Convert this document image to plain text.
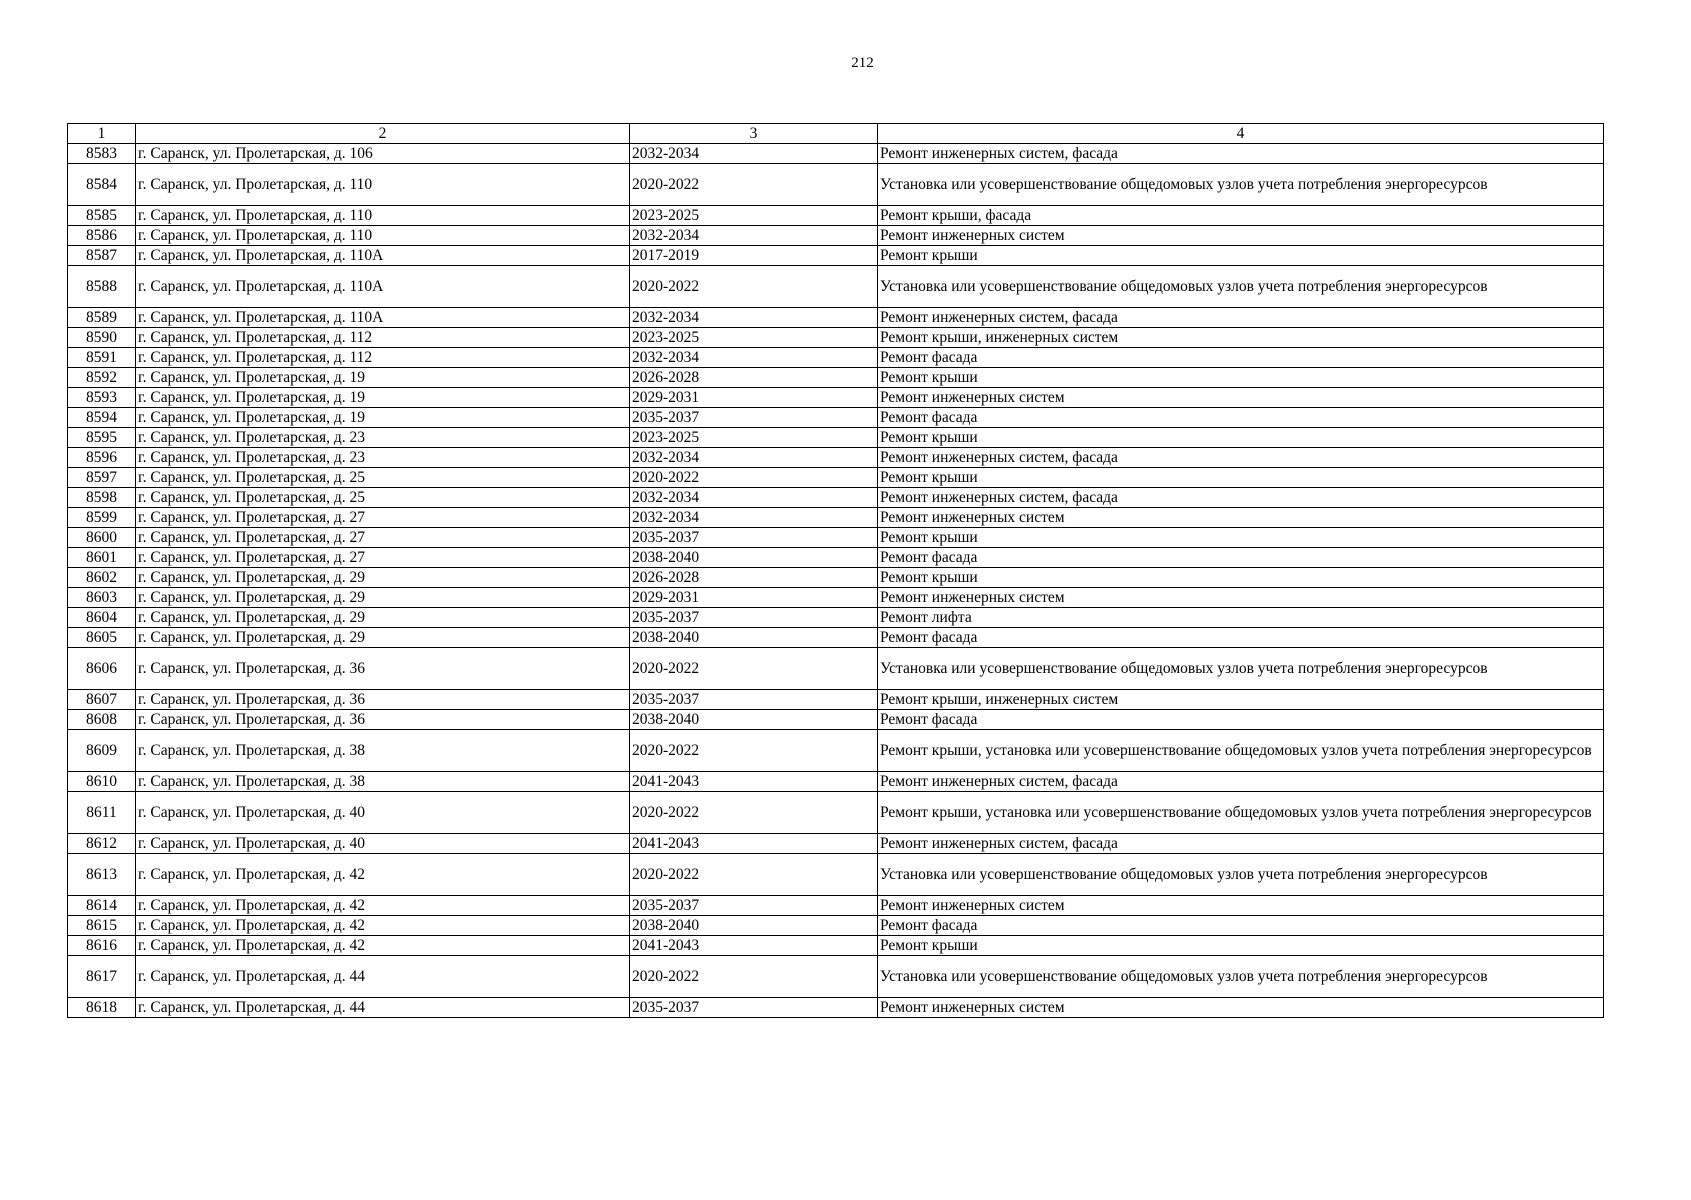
212
1	2	3	4
8583	г. Саранск, ул. Пролетарская, д. 106	2032-2034	Ремонт инженерных систем, фасада
8584	г. Саранск, ул. Пролетарская, д. 110	2020-2022	Установка или усовершенствование общедомовых узлов учета потребления энергоресурсов
8585	г. Саранск, ул. Пролетарская, д. 110	2023-2025	Ремонт крыши, фасада
8586	г. Саранск, ул. Пролетарская, д. 110	2032-2034	Ремонт инженерных систем
8587	г. Саранск, ул. Пролетарская, д. 110А	2017-2019	Ремонт крыши
8588	г. Саранск, ул. Пролетарская, д. 110А	2020-2022	Установка или усовершенствование общедомовых узлов учета потребления энергоресурсов
8589	г. Саранск, ул. Пролетарская, д. 110А	2032-2034	Ремонт инженерных систем, фасада
8590	г. Саранск, ул. Пролетарская, д. 112	2023-2025	Ремонт крыши, инженерных систем
8591	г. Саранск, ул. Пролетарская, д. 112	2032-2034	Ремонт фасада
8592	г. Саранск, ул. Пролетарская, д. 19	2026-2028	Ремонт крыши
8593	г. Саранск, ул. Пролетарская, д. 19	2029-2031	Ремонт инженерных систем
8594	г. Саранск, ул. Пролетарская, д. 19	2035-2037	Ремонт фасада
8595	г. Саранск, ул. Пролетарская, д. 23	2023-2025	Ремонт крыши
8596	г. Саранск, ул. Пролетарская, д. 23	2032-2034	Ремонт инженерных систем, фасада
8597	г. Саранск, ул. Пролетарская, д. 25	2020-2022	Ремонт крыши
8598	г. Саранск, ул. Пролетарская, д. 25	2032-2034	Ремонт инженерных систем, фасада
8599	г. Саранск, ул. Пролетарская, д. 27	2032-2034	Ремонт инженерных систем
8600	г. Саранск, ул. Пролетарская, д. 27	2035-2037	Ремонт крыши
8601	г. Саранск, ул. Пролетарская, д. 27	2038-2040	Ремонт фасада
8602	г. Саранск, ул. Пролетарская, д. 29	2026-2028	Ремонт крыши
8603	г. Саранск, ул. Пролетарская, д. 29	2029-2031	Ремонт инженерных систем
8604	г. Саранск, ул. Пролетарская, д. 29	2035-2037	Ремонт лифта
8605	г. Саранск, ул. Пролетарская, д. 29	2038-2040	Ремонт фасада
8606	г. Саранск, ул. Пролетарская, д. 36	2020-2022	Установка или усовершенствование общедомовых узлов учета потребления энергоресурсов
8607	г. Саранск, ул. Пролетарская, д. 36	2035-2037	Ремонт крыши, инженерных систем
8608	г. Саранск, ул. Пролетарская, д. 36	2038-2040	Ремонт фасада
8609	г. Саранск, ул. Пролетарская, д. 38	2020-2022	Ремонт крыши, установка или усовершенствование общедомовых узлов учета потребления энергоресурсов
8610	г. Саранск, ул. Пролетарская, д. 38	2041-2043	Ремонт инженерных систем, фасада
8611	г. Саранск, ул. Пролетарская, д. 40	2020-2022	Ремонт крыши, установка или усовершенствование общедомовых узлов учета потребления энергоресурсов
8612	г. Саранск, ул. Пролетарская, д. 40	2041-2043	Ремонт инженерных систем, фасада
8613	г. Саранск, ул. Пролетарская, д. 42	2020-2022	Установка или усовершенствование общедомовых узлов учета потребления энергоресурсов
8614	г. Саранск, ул. Пролетарская, д. 42	2035-2037	Ремонт инженерных систем
8615	г. Саранск, ул. Пролетарская, д. 42	2038-2040	Ремонт фасада
8616	г. Саранск, ул. Пролетарская, д. 42	2041-2043	Ремонт крыши
8617	г. Саранск, ул. Пролетарская, д. 44	2020-2022	Установка или усовершенствование общедомовых узлов учета потребления энергоресурсов
8618	г. Саранск, ул. Пролетарская, д. 44	2035-2037	Ремонт инженерных систем
